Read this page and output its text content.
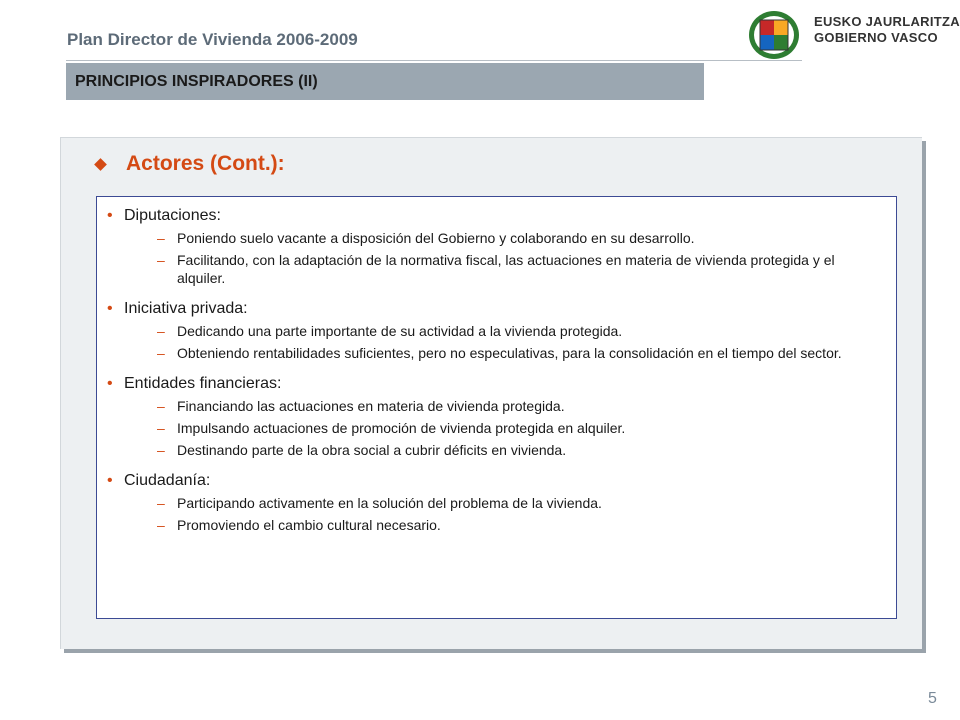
Plan Director de Vivienda 2006-2009
PRINCIPIOS INSPIRADORES (II)
EUSKO JAURLARITZA
GOBIERNO VASCO
Actores (Cont.):
• Diputaciones:
– Poniendo suelo vacante a disposición del Gobierno y colaborando en su desarrollo.
– Facilitando, con la adaptación de la normativa fiscal, las actuaciones en materia de vivienda protegida y el alquiler.
• Iniciativa privada:
– Dedicando una parte importante de su actividad a la vivienda protegida.
– Obteniendo rentabilidades suficientes, pero no especulativas, para la consolidación en el tiempo del sector.
• Entidades financieras:
– Financiando las actuaciones en materia de vivienda protegida.
– Impulsando actuaciones de promoción de vivienda protegida en alquiler.
– Destinando parte de la obra social a cubrir déficits en vivienda.
• Ciudadanía:
– Participando activamente en la solución del problema de la vivienda.
– Promoviendo el cambio cultural necesario.
5
